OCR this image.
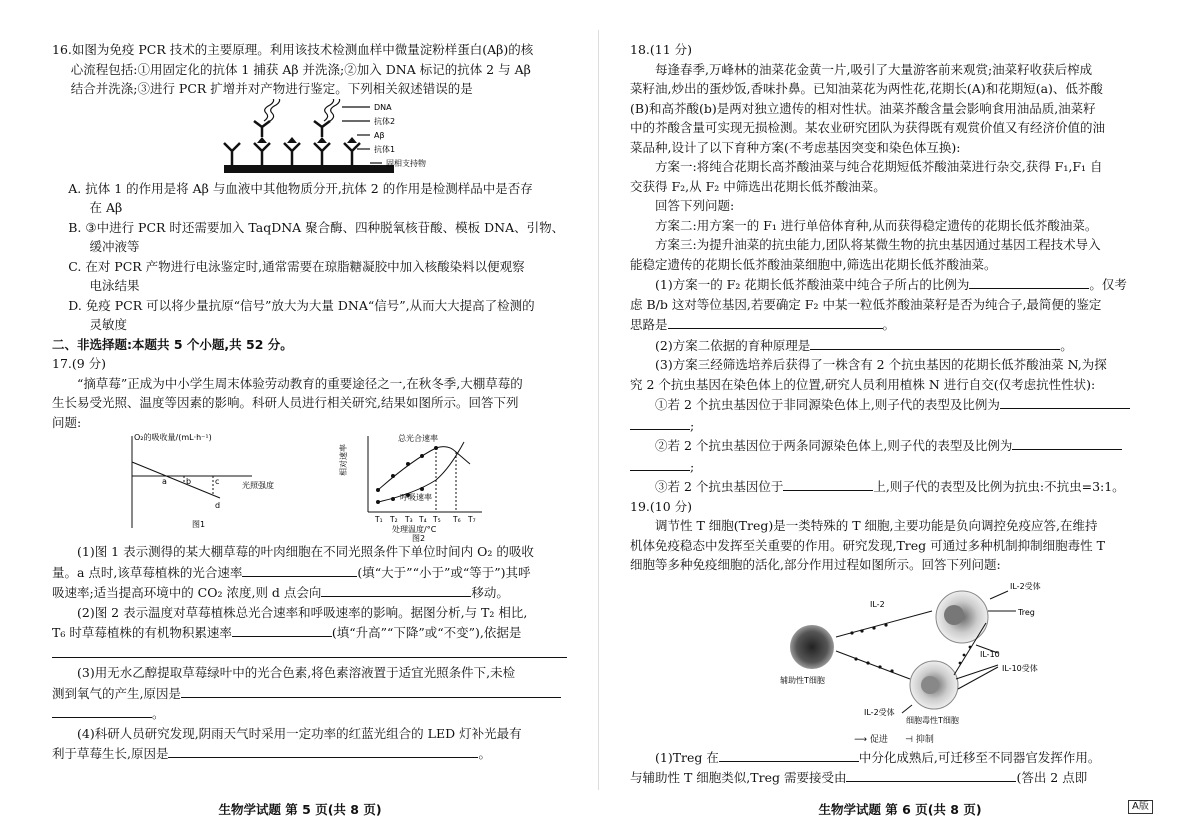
16.如图为免疫 PCR 技术的主要原理。利用该技术检测血样中微量淀粉样蛋白(Aβ)的核

心流程包括:①用固定化的抗体 1 捕获 Aβ 并洗涤;②加入 DNA 标记的抗体 2 与 Aβ

结合并洗涤;③进行 PCR 扩增并对产物进行鉴定。下列相关叙述错误的是

DNA
抗体2
Aβ
抗体1
固相支持物

A. 抗体 1 的作用是将 Aβ 与血液中其他物质分开,抗体 2 的作用是检测样品中是否存

在 Aβ

B. ③中进行 PCR 时还需要加入 TaqDNA 聚合酶、四种脱氧核苷酸、模板 DNA、引物、

缓冲液等

C. 在对 PCR 产物进行电泳鉴定时,通常需要在琼脂糖凝胶中加入核酸染料以便观察

电泳结果

D. 免疫 PCR 可以将少量抗原“信号”放大为大量 DNA“信号”,从而大大提高了检测的

灵敏度

二、非选择题:本题共 5 个小题,共 52 分。

17.(9 分)

“摘草莓”正成为中小学生周末体验劳动教育的重要途径之一,在秋冬季,大棚草莓的

生长易受光照、温度等因素的影响。科研人员进行相关研究,结果如图所示。回答下列

问题:

O₂的吸收量/(mL·h⁻¹)
光照强度
a b	c
d
图1
相对速率
总光合速率
呼吸速率
T₁ T₂ T₃ T₄ T₅ T₆ T₇
处理温度/°C
图2

(1)图 1 表示测得的某大棚草莓的叶肉细胞在不同光照条件下单位时间内 O₂ 的吸收

量。a 点时,该草莓植株的光合速率	(填“大于”“小于”或“等于”)其呼

吸速率;适当提高环境中的 CO₂ 浓度,则 d 点会向	移动。

(2)图 2 表示温度对草莓植株总光合速率和呼吸速率的影响。据图分析,与 T₂ 相比,

T₆ 时草莓植株的有机物积累速率	(填“升高”“下降”或“不变”),依据是

(3)用无水乙醇提取草莓绿叶中的光合色素,将色素溶液置于适宜光照条件下,未检

测到氧气的产生,原因是

。

(4)科研人员研究发现,阴雨天气时采用一定功率的红蓝光组合的 LED 灯补光最有

利于草莓生长,原因是	。

生物学试题 第 5 页(共 8 页)

18.(11 分)

每逢春季,万峰林的油菜花金黄一片,吸引了大量游客前来观赏;油菜籽收获后榨成

菜籽油,炒出的蛋炒饭,香味扑鼻。已知油菜花为两性花,花期长(A)和花期短(a)、低芥酸

(B)和高芥酸(b)是两对独立遗传的相对性状。油菜芥酸含量会影响食用油品质,油菜籽

中的芥酸含量可实现无损检测。某农业研究团队为获得既有观赏价值又有经济价值的油

菜品种,设计了以下育种方案(不考虑基因突变和染色体互换):

方案一:将纯合花期长高芥酸油菜与纯合花期短低芥酸油菜进行杂交,获得 F₁,F₁ 自

交获得 F₂,从 F₂ 中筛选出花期长低芥酸油菜。

回答下列问题:

方案二:用方案一的 F₁ 进行单倍体育种,从而获得稳定遗传的花期长低芥酸油菜。

方案三:为提升油菜的抗虫能力,团队将某微生物的抗虫基因通过基因工程技术导入

能稳定遗传的花期长低芥酸油菜细胞中,筛选出花期长低芥酸油菜。

(1)方案一的 F₂ 花期长低芥酸油菜中纯合子所占的比例为	。仅考

虑 B/b 这对等位基因,若要确定 F₂ 中某一粒低芥酸油菜籽是否为纯合子,最简便的鉴定

思路是	。

(2)方案二依据的育种原理是	。

(3)方案三经筛选培养后获得了一株含有 2 个抗虫基因的花期长低芥酸油菜 N,为探

究 2 个抗虫基因在染色体上的位置,研究人员利用植株 N 进行自交(仅考虑抗性性状):

①若 2 个抗虫基因位于非同源染色体上,则子代的表型及比例为

;

②若 2 个抗虫基因位于两条同源染色体上,则子代的表型及比例为

;

③若 2 个抗虫基因位于	上,则子代的表型及比例为抗虫:不抗虫=3:1。

19.(10 分)

调节性 T 细胞(Treg)是一类特殊的 T 细胞,主要功能是负向调控免疫应答,在维持

机体免疫稳态中发挥至关重要的作用。研究发现,Treg 可通过多种机制抑制细胞毒性 T

细胞等多种免疫细胞的活化,部分作用过程如图所示。回答下列问题:

IL-2
IL-2受体
Treg
IL-10
IL-10受体
辅助性T细胞
IL-2受体
细胞毒性T细胞
⟶ 促进 ⊣ 抑制

(1)Treg 在	中分化成熟后,可迁移至不同器官发挥作用。

与辅助性 T 细胞类似,Treg 需要接受由	(答出 2 点即

生物学试题 第 6 页(共 8 页)	A版
